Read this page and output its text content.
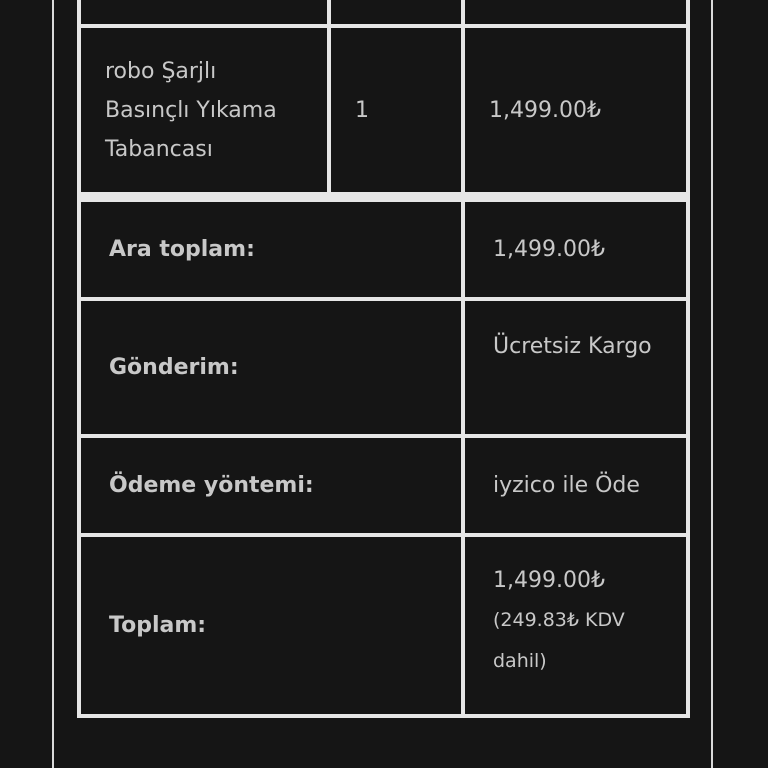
robo Şarjlı Basınçlı Yıkama Tabancası	1	1,499.00₺

Ara toplam:		1,499.00₺
Gönderim:		Ücretsiz Kargo
Ödeme yöntemi:		iyzico ile Öde
Toplam:		1,499.00₺
(249.83₺ KDV dahil)
